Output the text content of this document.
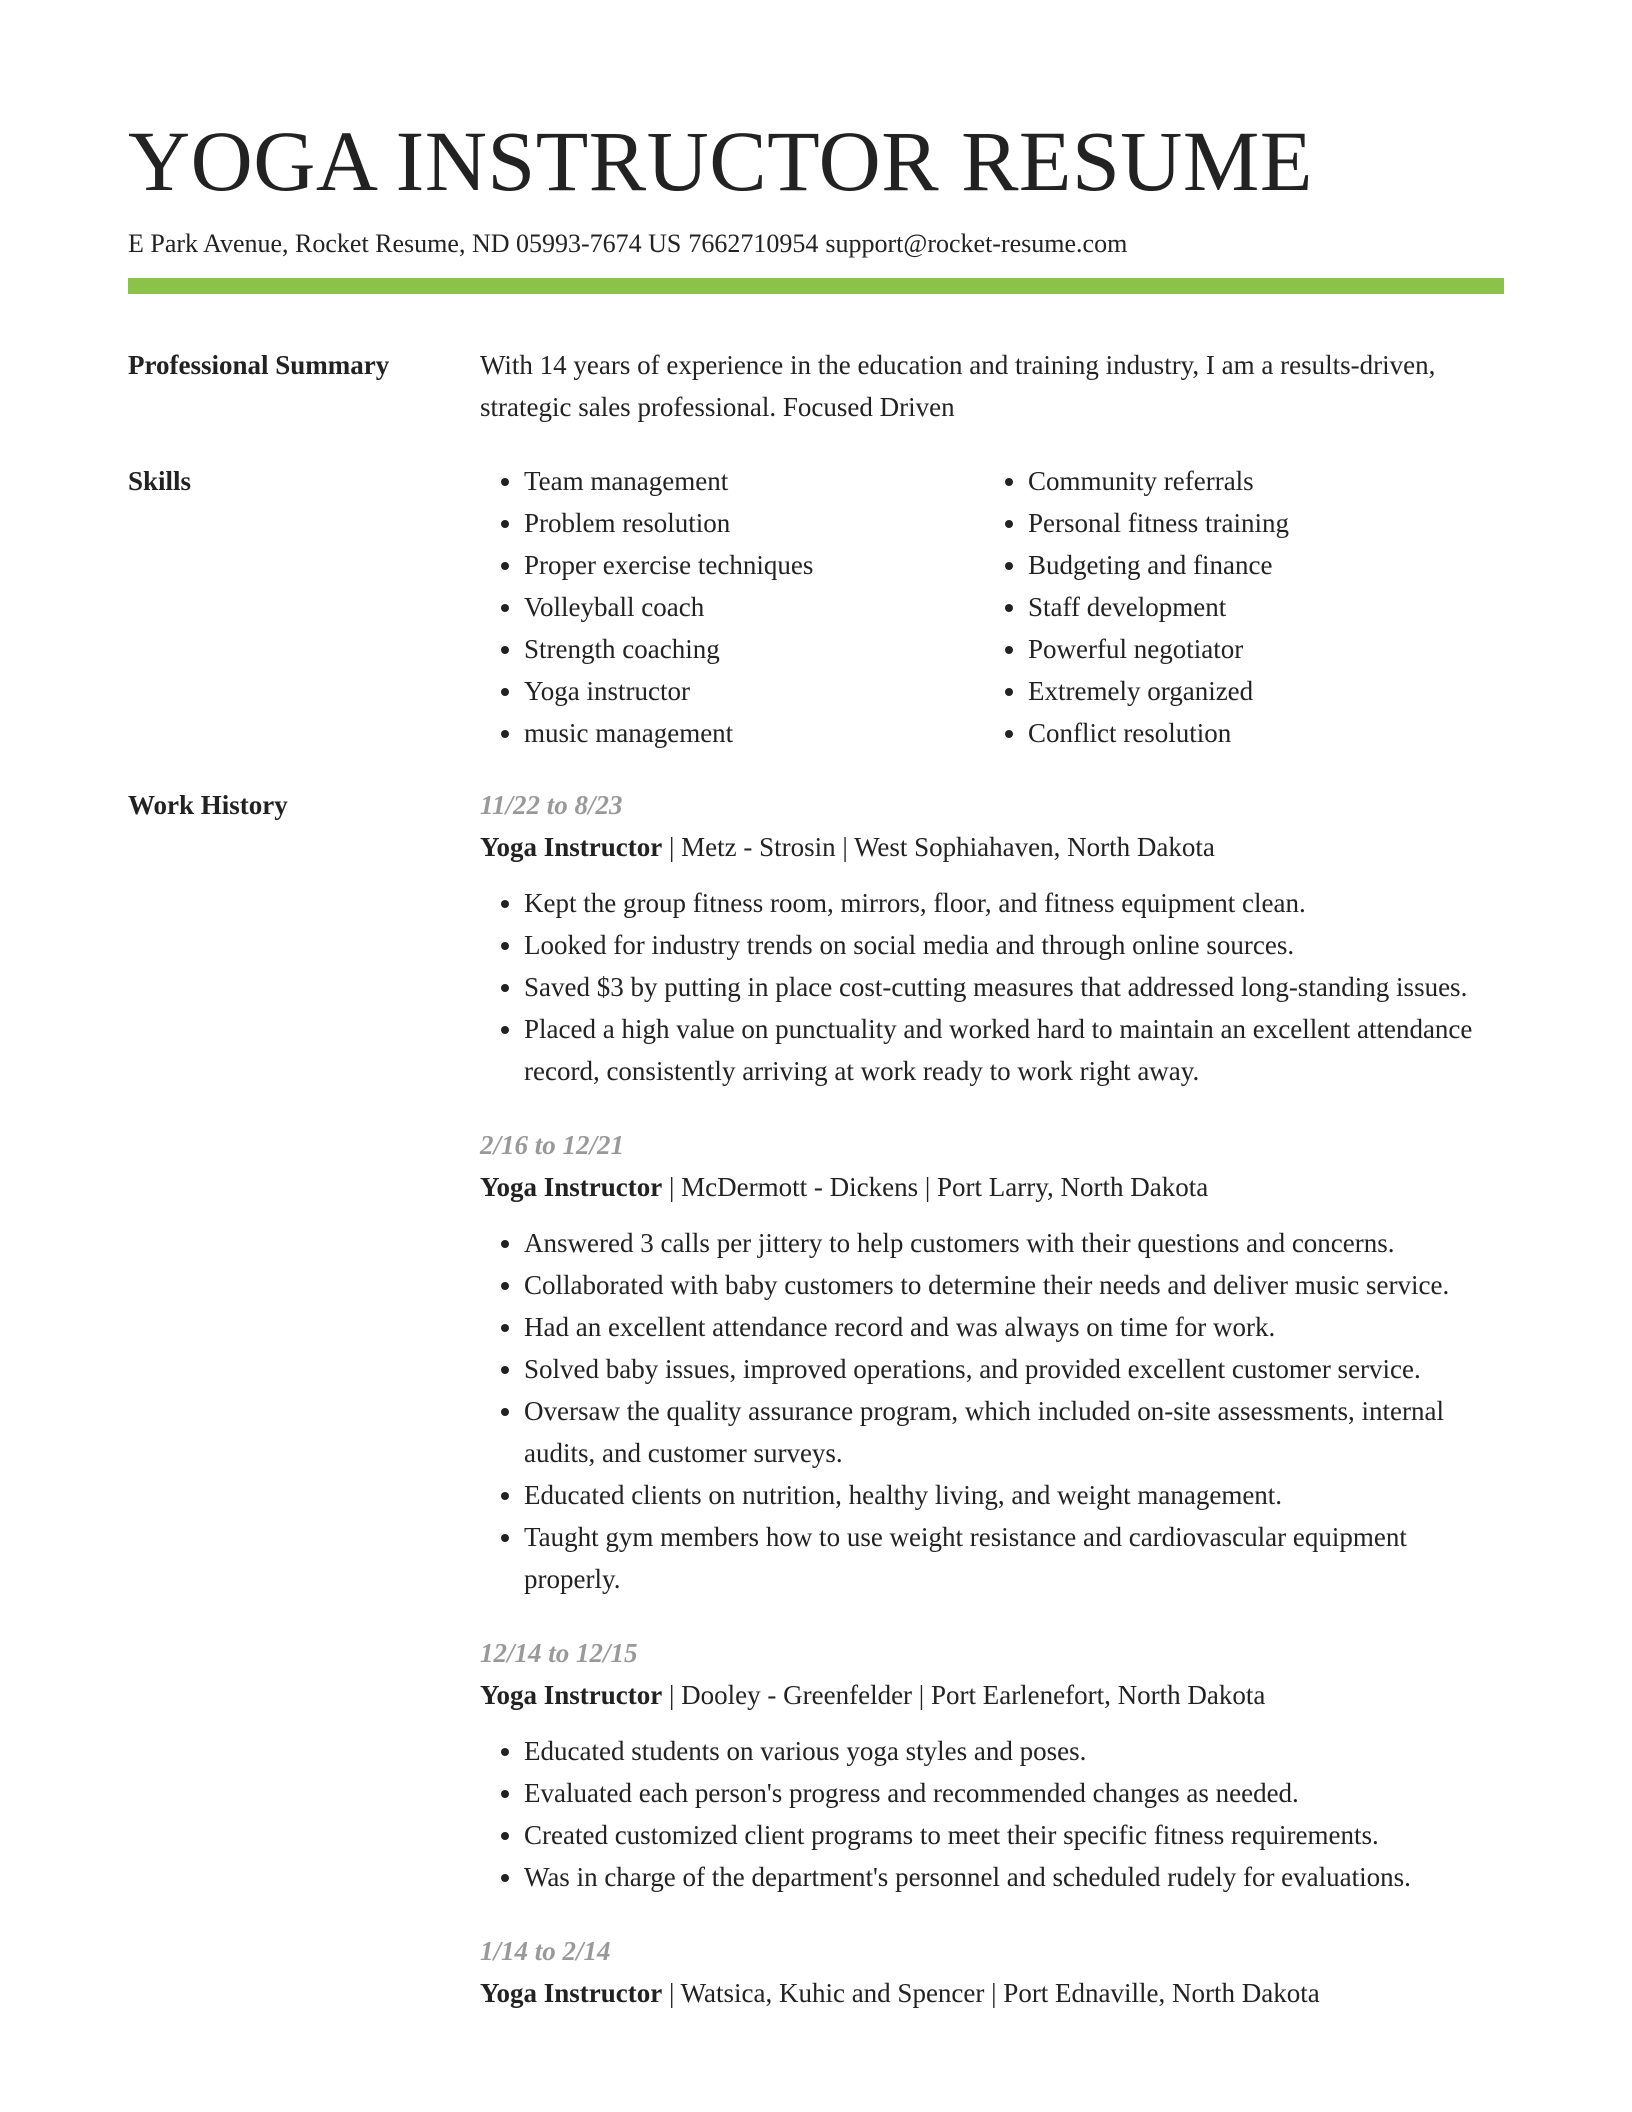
YOGA INSTRUCTOR RESUME
E Park Avenue, Rocket Resume, ND 05993-7674 US 7662710954 support@rocket-resume.com
Professional Summary	With 14 years of experience in the education and training industry, I am a results-driven, strategic sales professional. Focused Driven
Skills
•	Team management
• Problem resolution
• Proper exercise techniques
• Volleyball coach
• Strength coaching
• Yoga instructor
• music management
• Community referrals
• Personal fitness training
• Budgeting and finance
• Staff development
• Powerful negotiator
• Extremely organized
• Conflict resolution
Work History	11/22 to 8/23
Yoga Instructor | Metz - Strosin | West Sophiahaven, North Dakota
• Kept the group fitness room, mirrors, floor, and fitness equipment clean.
• Looked for industry trends on social media and through online sources.
• Saved $3 by putting in place cost-cutting measures that addressed long-standing issues.
• Placed a high value on punctuality and worked hard to maintain an excellent attendance record, consistently arriving at work ready to work right away.
2/16 to 12/21
Yoga Instructor | McDermott - Dickens | Port Larry, North Dakota
• Answered 3 calls per jittery to help customers with their questions and concerns.
• Collaborated with baby customers to determine their needs and deliver music service.
• Had an excellent attendance record and was always on time for work.
• Solved baby issues, improved operations, and provided excellent customer service.
• Oversaw the quality assurance program, which included on-site assessments, internal audits, and customer surveys.
• Educated clients on nutrition, healthy living, and weight management.
• Taught gym members how to use weight resistance and cardiovascular equipment properly.
12/14 to 12/15
Yoga Instructor | Dooley - Greenfelder | Port Earlenefort, North Dakota
• Educated students on various yoga styles and poses.
• Evaluated each person's progress and recommended changes as needed.
• Created customized client programs to meet their specific fitness requirements.
• Was in charge of the department's personnel and scheduled rudely for evaluations.
1/14 to 2/14
Yoga Instructor | Watsica, Kuhic and Spencer | Port Ednaville, North Dakota
